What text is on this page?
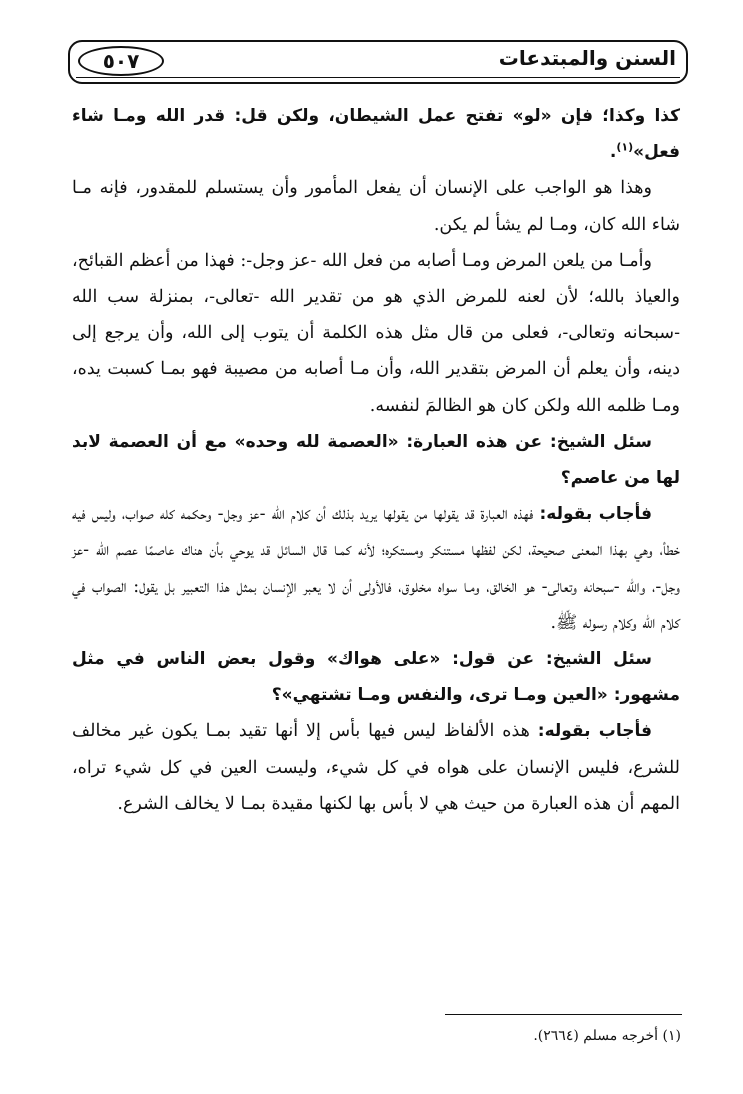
٥٠٧	السنن والمبتدعات

كذا وكذا؛ فإن «لو» تفتح عمل الشيطان، ولكن قل: قدر الله ومـا شاء فعل»$^{(١)}$.

وهذا هو الواجب على الإنسان أن يفعل المأمور وأن يستسلم للمقدور، فإنه مـا شاء الله كان، ومـا لم يشأ لم يكن.

وأمـا من يلعن المرض ومـا أصابه من فعل الله -عز وجل-: فهذا من أعظم القبائح، والعياذ بالله؛ لأن لعنه للمرض الذي هو من تقدير الله -تعالى-، بمنزلة سب الله -سبحانه وتعالى-، فعلى من قال مثل هذه الكلمة أن يتوب إلى الله، وأن يرجع إلى دينه، وأن يعلم أن المرض بتقدير الله، وأن مـا أصابه من مصيبة فهو بمـا كسبت يده، ومـا ظلمه الله ولكن كان هو الظالمَ لنفسه.

سئل الشيخ: عن هذه العبارة: «العصمة لله وحده» مع أن العصمة لابد لها من عاصم؟

فأجاب بقوله: فهذه العبارة قد يقولها من يقولها يريد بذلك أن كلام الله -عز وجل- وحكمه كله صواب، وليس فيه خطأ، وهي بهذا المعنى صحيحة، لكن لفظها مستنكر ومستكره؛ لأنه كمـا قال السائل قد يوحي بأن هناك عاصمًا عصم الله -عز وجل-، والله -سبحانه وتعالى- هو الخالق، ومـا سواه مخلوق، فالأولى أن لا يعبر الإنسان بمثل هذا التعبير بل يقول: الصواب في كلام الله وكلام رسوله ﷺ.

سئل الشيخ: عن قول: «على هواك» وقول بعض الناس في مثل مشهور: «العين ومـا ترى، والنفس ومـا تشتهي»؟

فأجاب بقوله: هذه الألفاظ ليس فيها بأس إلا أنها تقيد بمـا يكون غير مخالف للشرع، فليس الإنسان على هواه في كل شيء، وليست العين في كل شيء تراه، المهم أن هذه العبارة من حيث هي لا بأس بها لكنها مقيدة بمـا لا يخالف الشرع.

(١) أخرجه مسلم (٢٦٦٤).
